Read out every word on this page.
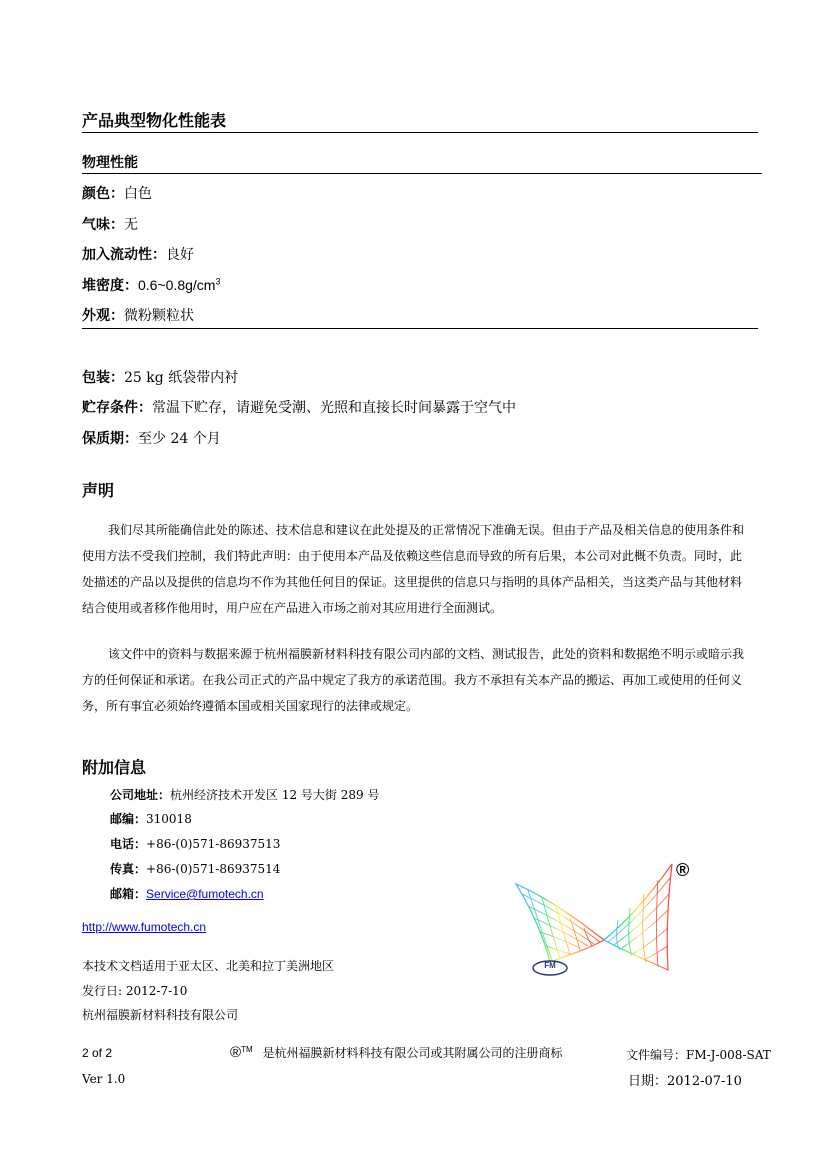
产品典型物化性能表
物理性能
颜色：白色
气味：无
加入流动性：良好
堆密度：$0.6\sim 0.8g/cm^3$
外观：微粉颗粒状
包装：25 kg 纸袋带内衬
贮存条件：常温下贮存，请避免受潮、光照和直接长时间暴露于空气中
保质期：至少 24 个月
声明
我们尽其所能确信此处的陈述、技术信息和建议在此处提及的正常情况下准确无误。但由于产品及相关信息的使用条件和
使用方法不受我们控制，我们特此声明：由于使用本产品及依赖这些信息而导致的所有后果，本公司对此概不负责。同时，此
处描述的产品以及提供的信息均不作为其他任何目的保证。这里提供的信息只与指明的具体产品相关，当这类产品与其他材料
结合使用或者移作他用时，用户应在产品进入市场之前对其应用进行全面测试。
该文件中的资料与数据来源于杭州福膜新材料科技有限公司内部的文档、测试报告，此处的资料和数据绝不明示或暗示我
方的任何保证和承诺。在我公司正式的产品中规定了我方的承诺范围。我方不承担有关本产品的搬运、再加工或使用的任何义
务，所有事宜必须始终遵循本国或相关国家现行的法律或规定。
附加信息
公司地址：杭州经济技术开发区 12 号大街 289 号
邮编：310018
电话：+86-(0)571-86937513
传真：+86-(0)571-86937514
邮箱：Service@fumotech.cn
http://www.fumotech.cn
本技术文档适用于亚太区、北美和拉丁美洲地区
发行日: 2012-7-10
杭州福膜新材料科技有限公司
FM
®
2 of 2	®™ 是杭州福膜新材料科技有限公司或其附属公司的注册商标	文件编号：FM-J-008-SAT
Ver 1.0	日期：2012-07-10
